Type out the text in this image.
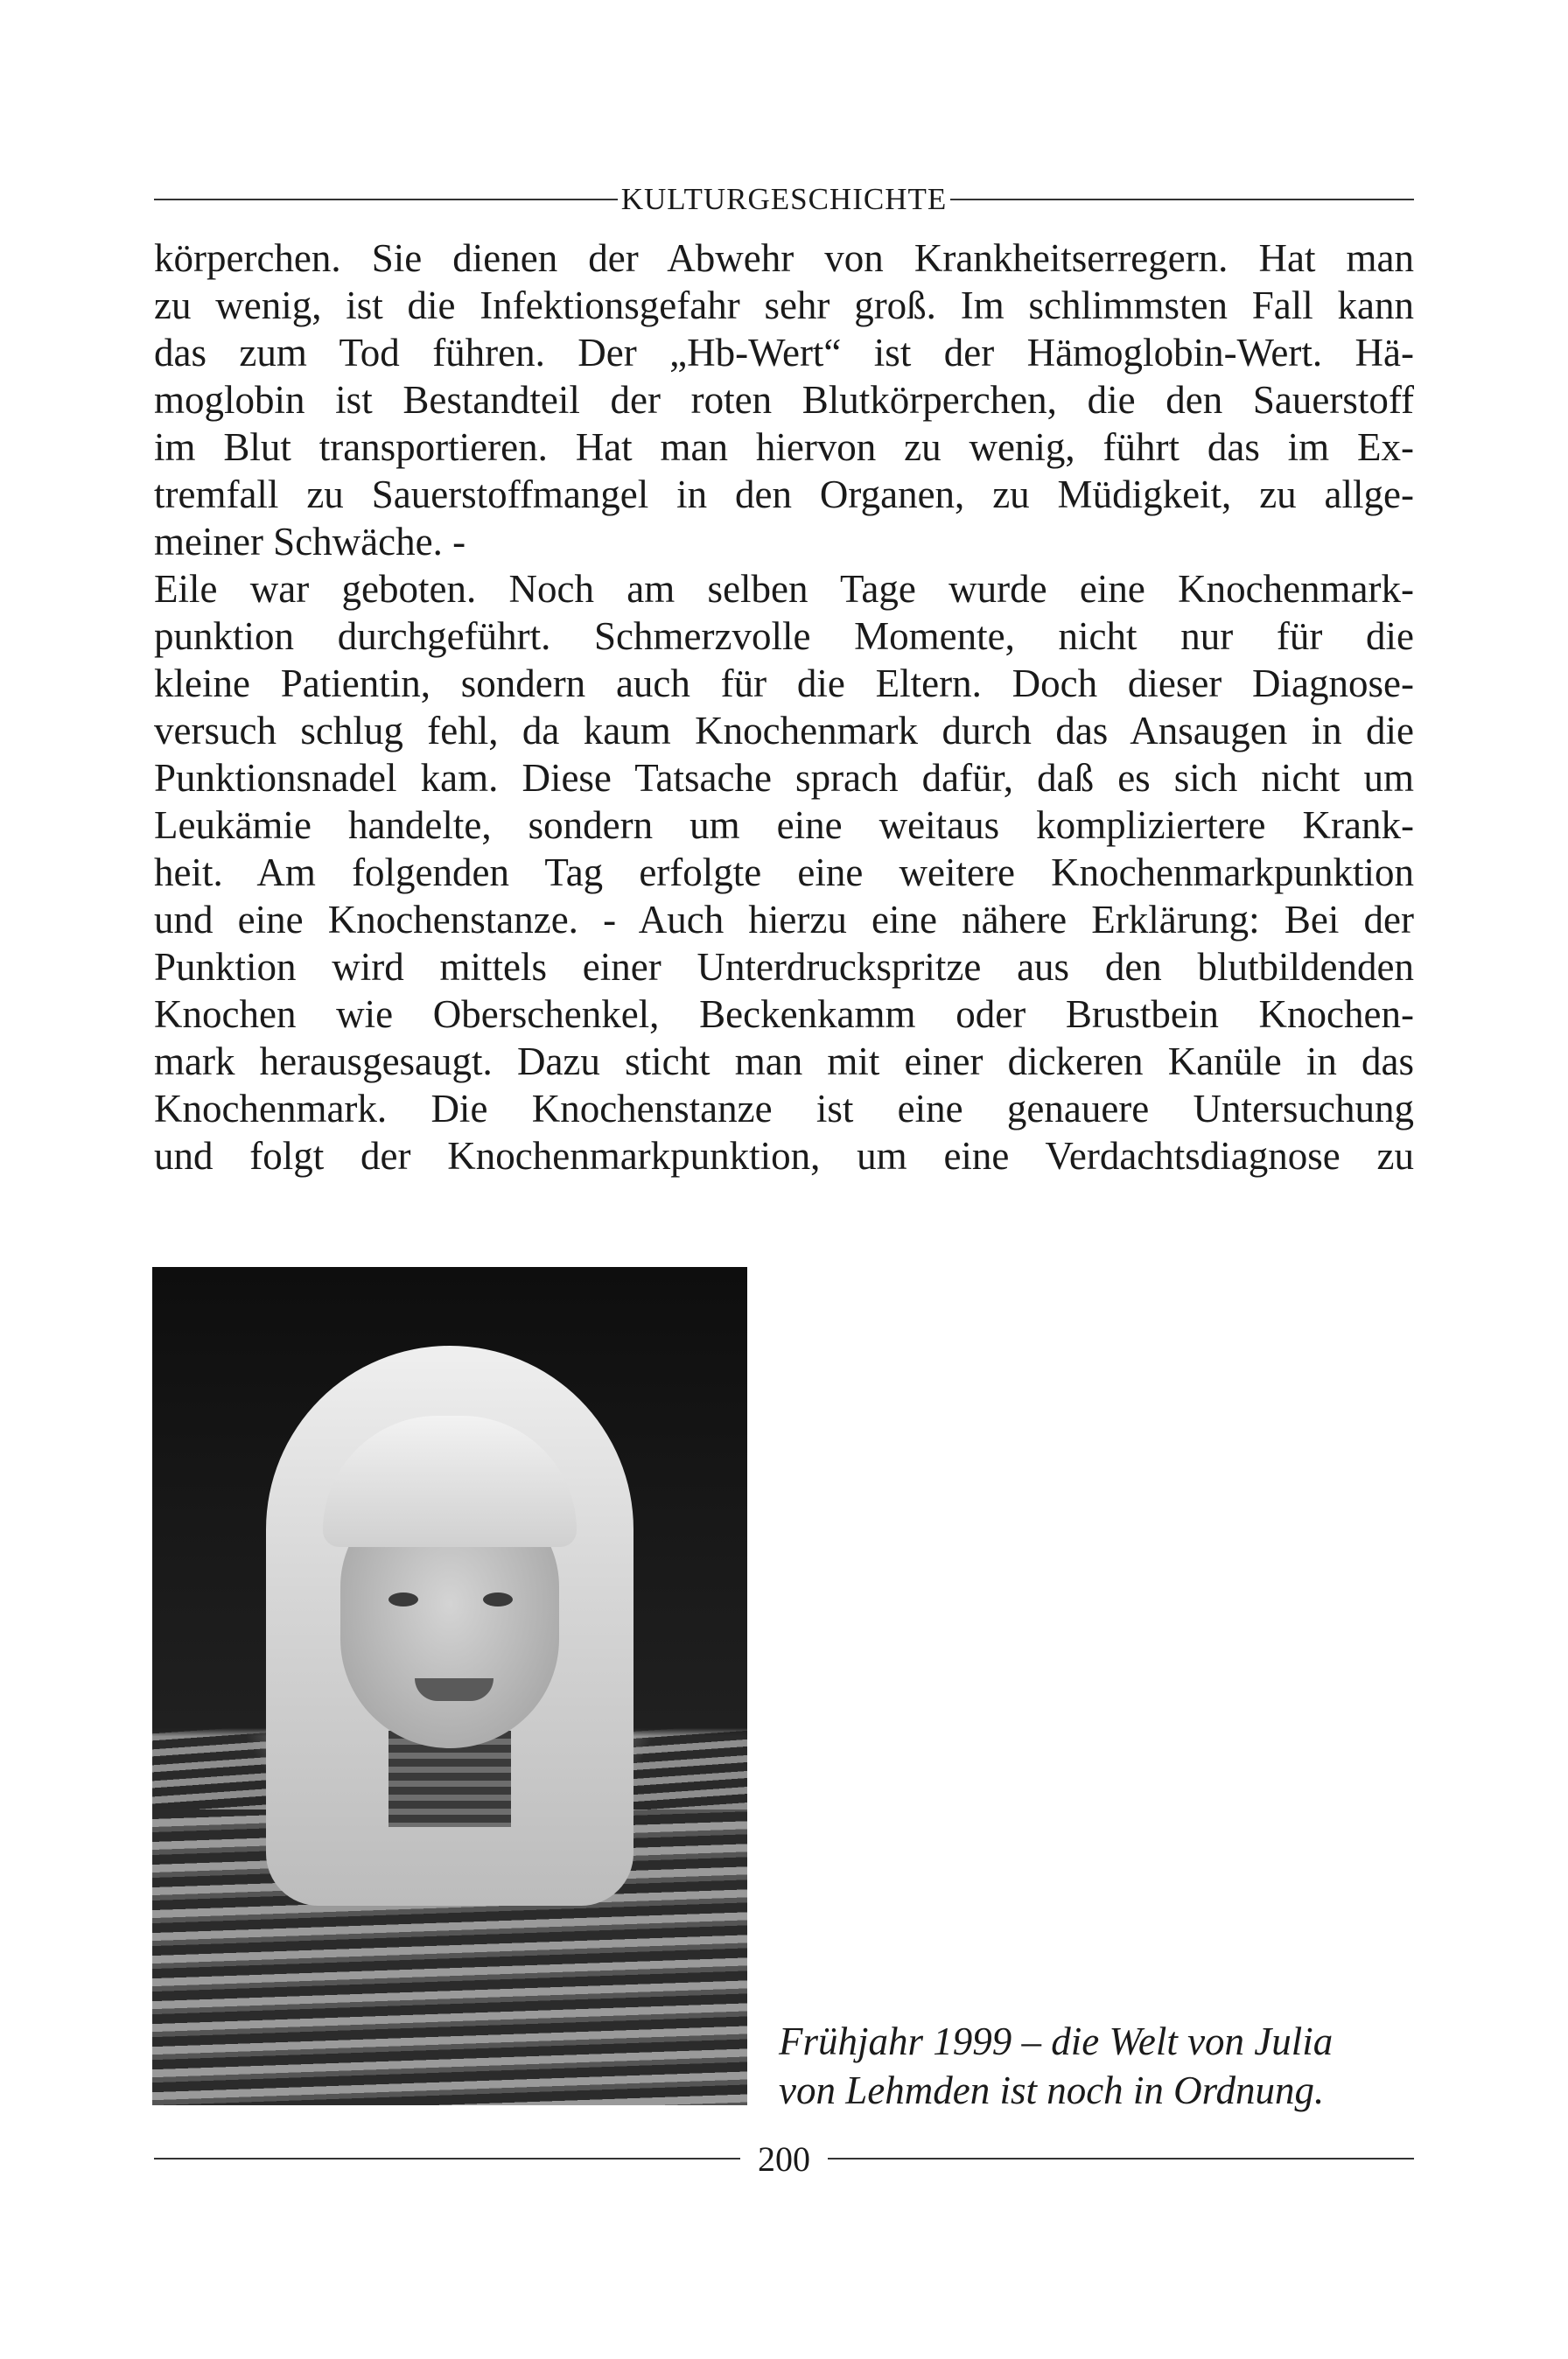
KULTURGESCHICHTE
körperchen. Sie dienen der Abwehr von Krankheitserregern. Hat man
zu wenig, ist die Infektionsgefahr sehr groß. Im schlimmsten Fall kann
das zum Tod führen. Der „Hb-Wert“ ist der Hämoglobin-Wert. Hä-
moglobin ist Bestandteil der roten Blutkörperchen, die den Sauerstoff
im Blut transportieren. Hat man hiervon zu wenig, führt das im Ex-
tremfall zu Sauerstoffmangel in den Organen, zu Müdigkeit, zu allge-
meiner Schwäche. -
Eile war geboten. Noch am selben Tage wurde eine Knochenmark-
punktion durchgeführt. Schmerzvolle Momente, nicht nur für die
kleine Patientin, sondern auch für die Eltern. Doch dieser Diagnose-
versuch schlug fehl, da kaum Knochenmark durch das Ansaugen in die
Punktionsnadel kam. Diese Tatsache sprach dafür, daß es sich nicht um
Leukämie handelte, sondern um eine weitaus kompliziertere Krank-
heit. Am folgenden Tag erfolgte eine weitere Knochenmarkpunktion
und eine Knochenstanze. - Auch hierzu eine nähere Erklärung: Bei der
Punktion wird mittels einer Unterdruckspritze aus den blutbildenden
Knochen wie Oberschenkel, Beckenkamm oder Brustbein Knochen-
mark herausgesaugt. Dazu sticht man mit einer dickeren Kanüle in das
Knochenmark. Die Knochenstanze ist eine genauere Untersuchung
und folgt der Knochenmarkpunktion, um eine Verdachtsdiagnose zu

Frühjahr 1999 – die Welt von Julia
von Lehmden ist noch in Ordnung.

200
